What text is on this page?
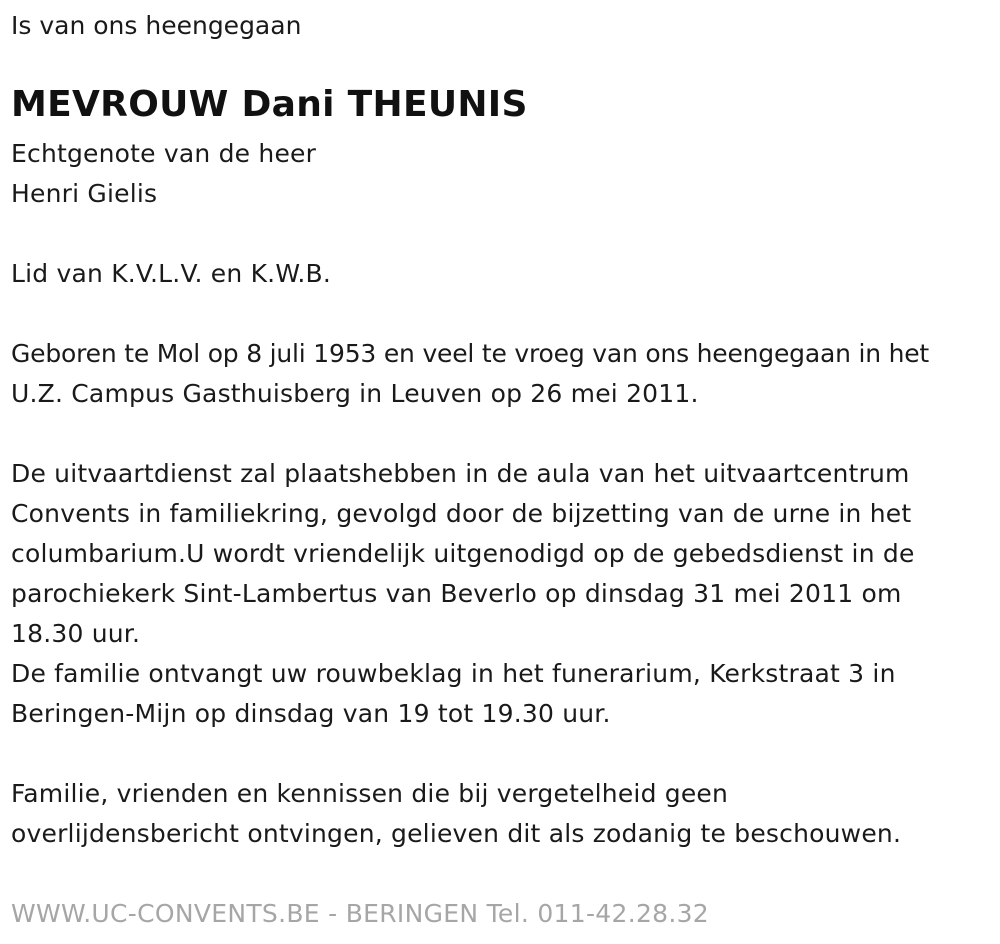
Is van ons heengegaan
MEVROUW Dani THEUNIS
Echtgenote van de heer
Henri Gielis
Lid van K.V.L.V. en K.W.B.
Geboren te Mol op 8 juli 1953 en veel te vroeg van ons heengegaan in het
U.Z. Campus Gasthuisberg in Leuven op 26 mei 2011.
De uitvaartdienst zal plaatshebben in de aula van het uitvaartcentrum
Convents in familiekring, gevolgd door de bijzetting van de urne in het
columbarium.U wordt vriendelijk uitgenodigd op de gebedsdienst in de
parochiekerk Sint-Lambertus van Beverlo op dinsdag 31 mei 2011 om
18.30 uur.
De familie ontvangt uw rouwbeklag in het funerarium, Kerkstraat 3 in
Beringen-Mijn op dinsdag van 19 tot 19.30 uur.
Familie, vrienden en kennissen die bij vergetelheid geen
overlijdensbericht ontvingen, gelieven dit als zodanig te beschouwen.
WWW.UC-CONVENTS.BE - BERINGEN Tel. 011-42.28.32
